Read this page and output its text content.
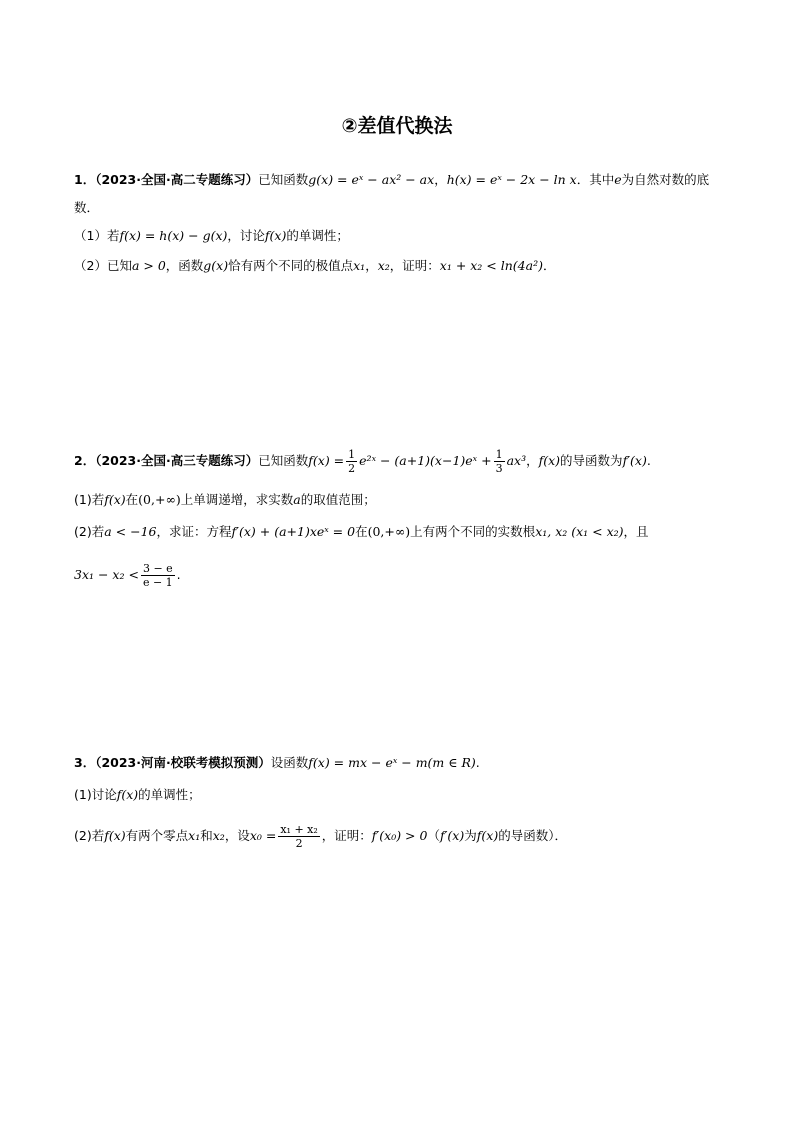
②差值代换法
1．（2023·全国·高二专题练习）已知函数g(x) = eˣ − ax² − ax，h(x) = eˣ − 2x − ln x．其中e为自然对数的底
数．
（1）若f(x) = h(x) − g(x)，讨论f(x)的单调性；
（2）已知a > 0，函数g(x)恰有两个不同的极值点x₁，x₂，证明：x₁ + x₂ < ln(4a²)．
2．（2023·全国·高三专题练习）已知函数$f(x) = \frac{1}{2}$ e²ˣ − (a+1)(x−1)eˣ + $\frac{1}{3} ax^3$，f(x)的导函数为f′(x).
(1)若f(x)在(0,+∞)上单调递增，求实数a的取值范围；
(2)若a < −16，求证：方程f′(x) + (a+1)xeˣ = 0在(0,+∞)上有两个不同的实数根x₁, x₂ (x₁ < x₂)，且
$3x_1 - x_2 < \frac{3 - e}{e - 1}$ .
3．（2023·河南·校联考模拟预测）设函数f(x) = mx − eˣ − m(m ∈ R).
(1)讨论f(x)的单调性；
(2)若f(x)有两个零点x₁和x₂，设$x_0 = \frac{\text{x₁ + x₂}}{2}$ ，证明：f′(x₀) > 0（f′(x)为f(x)的导函数）．
